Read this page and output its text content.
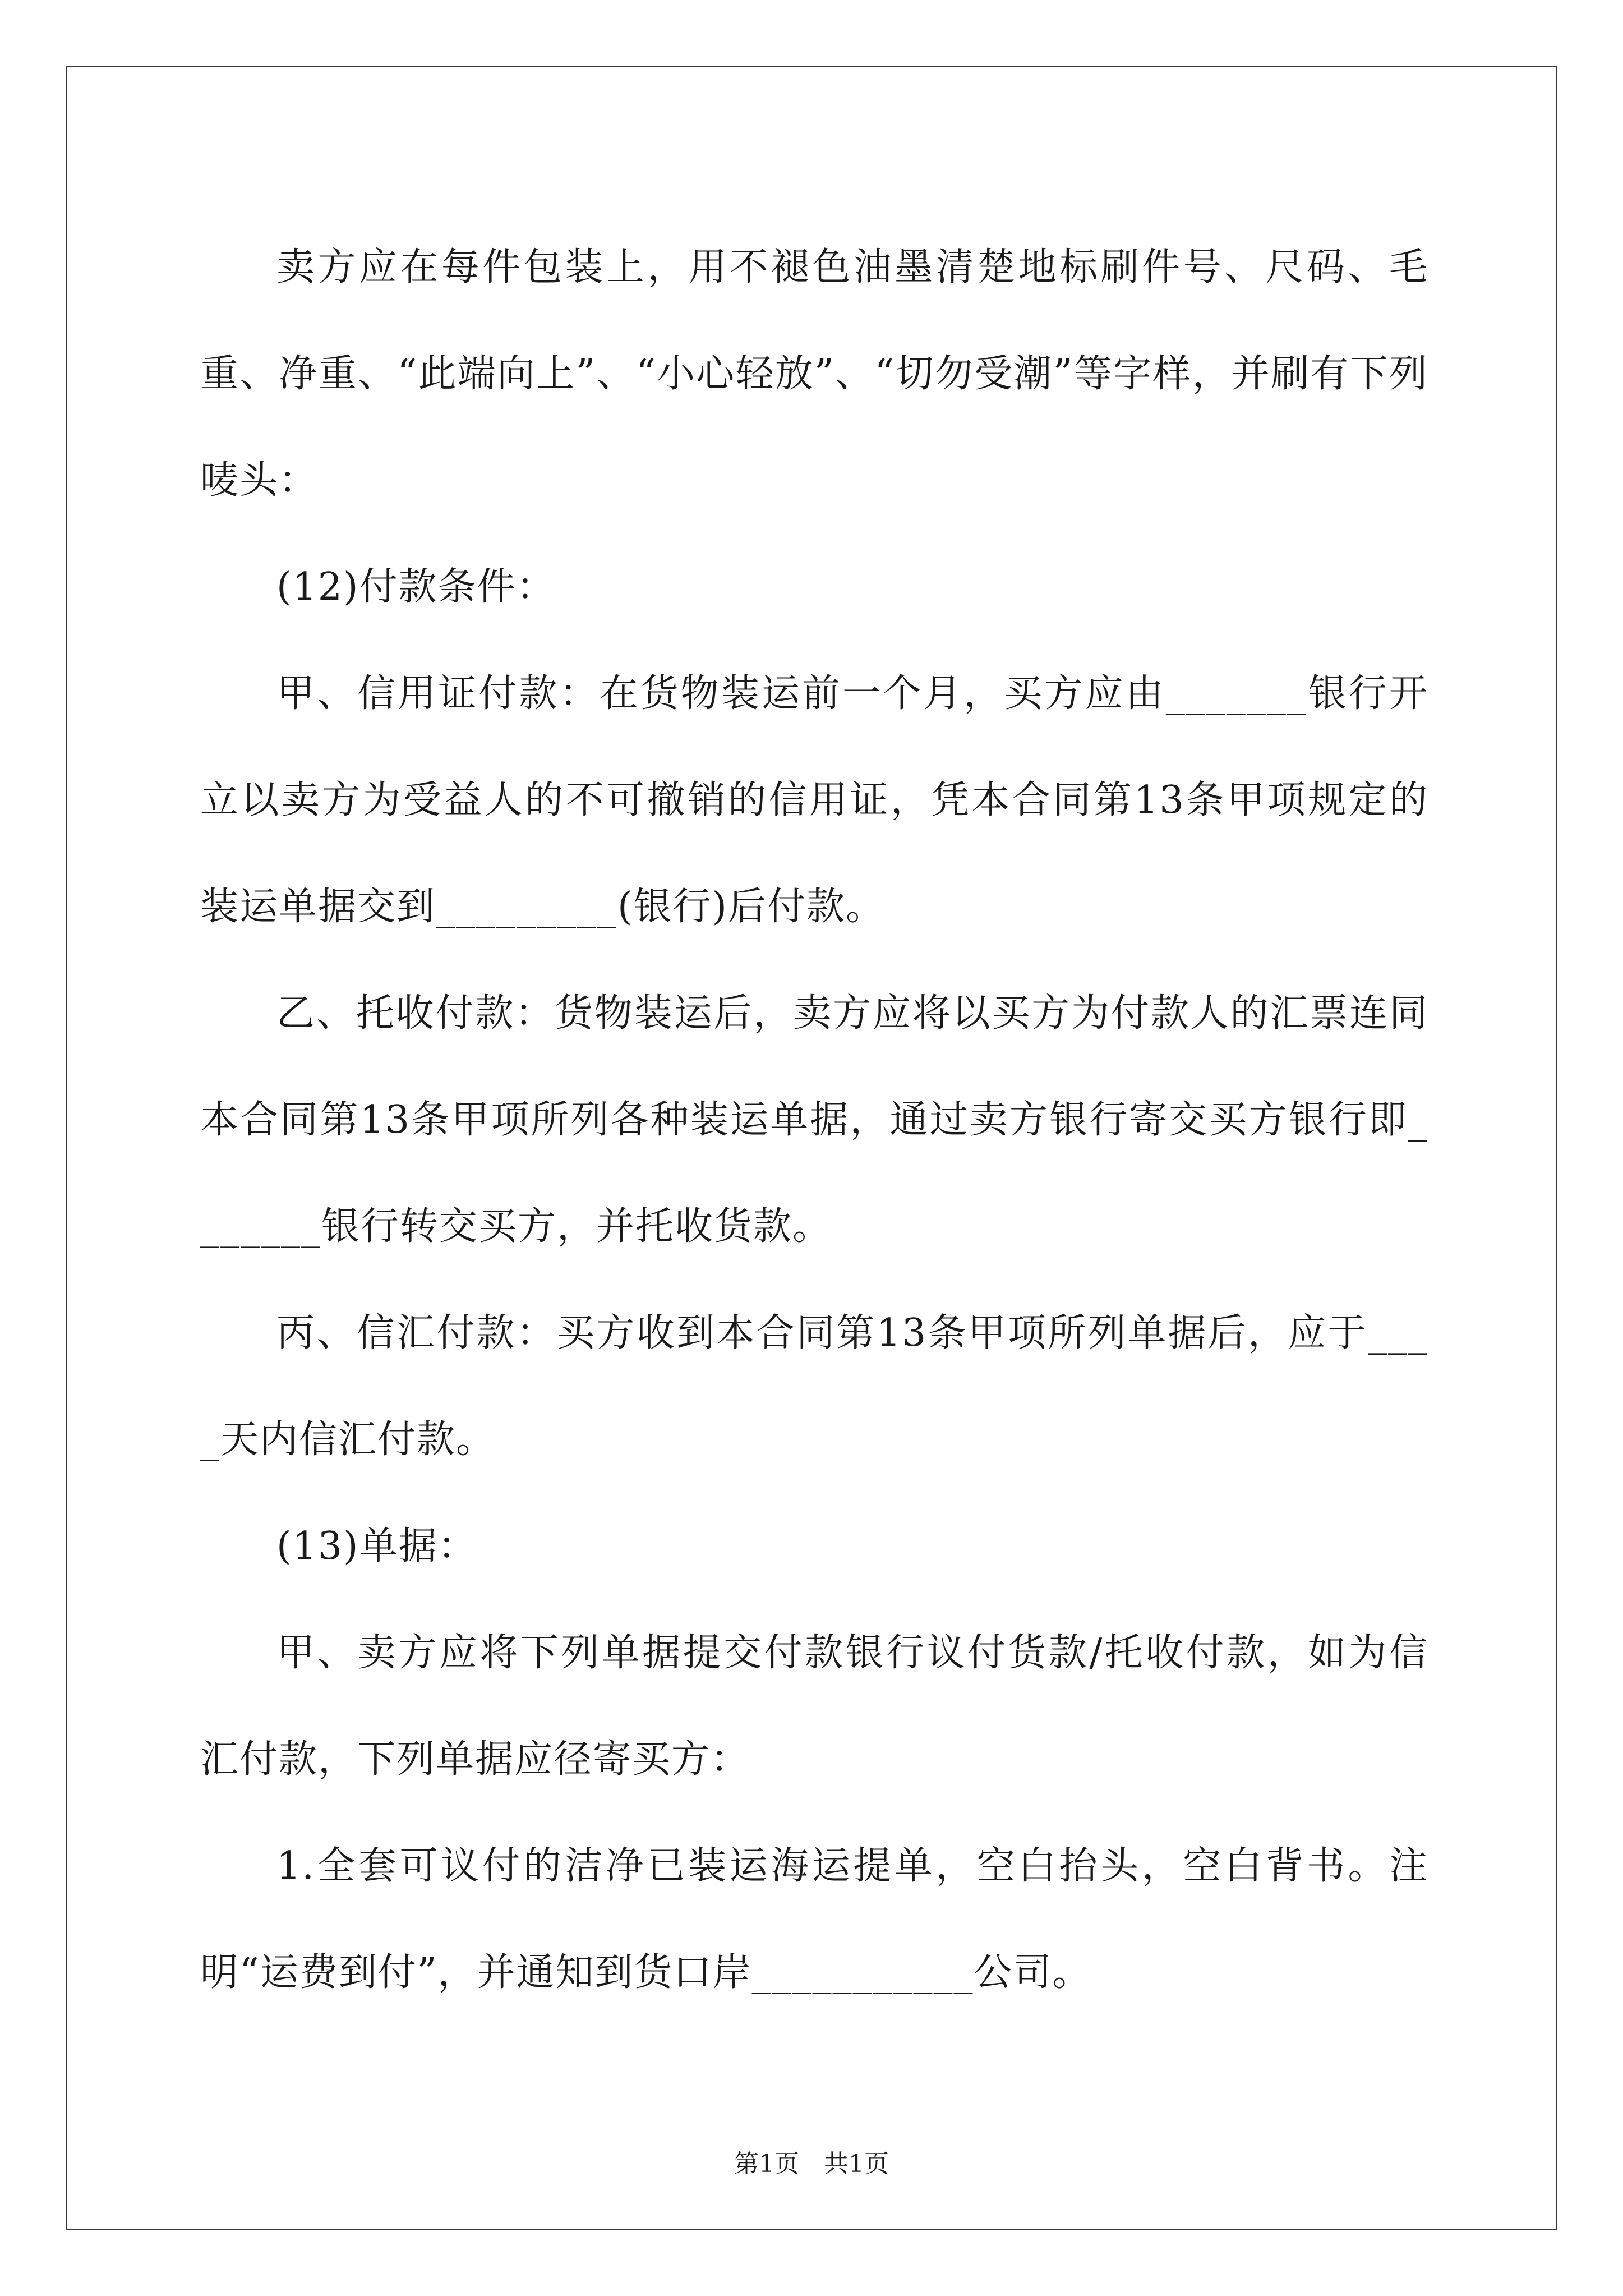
卖方应在每件包装上，用不褪色油墨清楚地标刷件号、尺码、毛重、净重、“此端向上”、“小心轻放”、“切勿受潮”等字样，并刷有下列唛头：

(12)付款条件：

甲、信用证付款：在货物装运前一个月，买方应由_______银行开立以卖方为受益人的不可撤销的信用证，凭本合同第13条甲项规定的装运单据交到_________(银行)后付款。

乙、托收付款：货物装运后，卖方应将以买方为付款人的汇票连同本合同第13条甲项所列各种装运单据，通过卖方银行寄交买方银行即_______银行转交买方，并托收货款。

丙、信汇付款：买方收到本合同第13条甲项所列单据后，应于____天内信汇付款。

(13)单据：

甲、卖方应将下列单据提交付款银行议付货款/托收付款，如为信汇付款，下列单据应径寄买方：

1.全套可议付的洁净已装运海运提单，空白抬头，空白背书。注明“运费到付”，并通知到货口岸___________公司。

第1页　共1页
